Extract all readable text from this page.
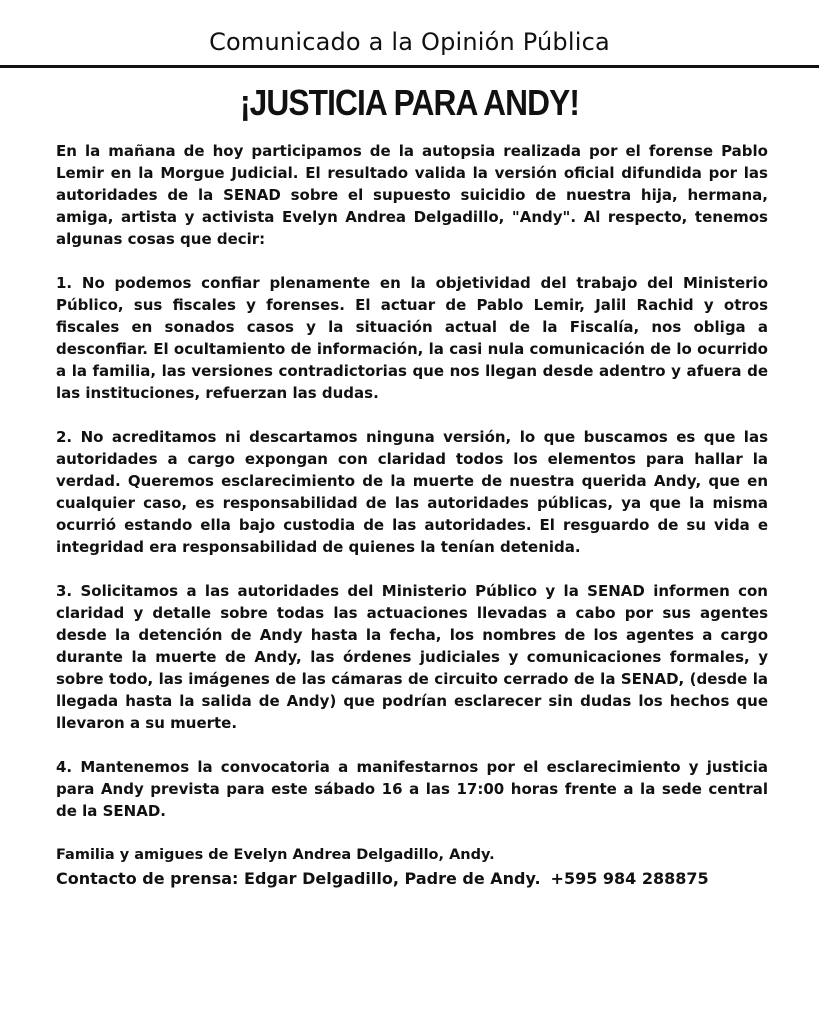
Comunicado a la Opinión Pública
¡JUSTICIA PARA ANDY!

En la mañana de hoy participamos de la autopsia realizada por el forense Pablo Lemir en la Morgue Judicial. El resultado valida la versión oficial difundida por las autoridades de la SENAD sobre el supuesto suicidio de nuestra hija, hermana, amiga, artista y activista Evelyn Andrea Delgadillo, "Andy". Al respecto, tenemos algunas cosas que decir:

1. No podemos confiar plenamente en la objetividad del trabajo del Ministerio Público, sus fiscales y forenses. El actuar de Pablo Lemir, Jalil Rachid y otros fiscales en sonados casos y la situación actual de la Fiscalía, nos obliga a desconfiar. El ocultamiento de información, la casi nula comunicación de lo ocurrido a la familia, las versiones contradictorias que nos llegan desde adentro y afuera de las instituciones, refuerzan las dudas.

2. No acreditamos ni descartamos ninguna versión, lo que buscamos es que las autoridades a cargo expongan con claridad todos los elementos para hallar la verdad. Queremos esclarecimiento de la muerte de nuestra querida Andy, que en cualquier caso, es responsabilidad de las autoridades públicas, ya que la misma ocurrió estando ella bajo custodia de las autoridades. El resguardo de su vida e integridad era responsabilidad de quienes la tenían detenida.

3. Solicitamos a las autoridades del Ministerio Público y la SENAD informen con claridad y detalle sobre todas las actuaciones llevadas a cabo por sus agentes desde la detención de Andy hasta la fecha, los nombres de los agentes a cargo durante la muerte de Andy, las órdenes judiciales y comunicaciones formales, y sobre todo, las imágenes de las cámaras de circuito cerrado de la SENAD, (desde la llegada hasta la salida de Andy) que podrían esclarecer sin dudas los hechos que llevaron a su muerte.

4. Mantenemos la convocatoria a manifestarnos por el esclarecimiento y justicia para Andy prevista para este sábado 16 a las 17:00 horas frente a la sede central de la SENAD.

Familia y amigues de Evelyn Andrea Delgadillo, Andy.

Contacto de prensa: Edgar Delgadillo, Padre de Andy. +595 984 288875
